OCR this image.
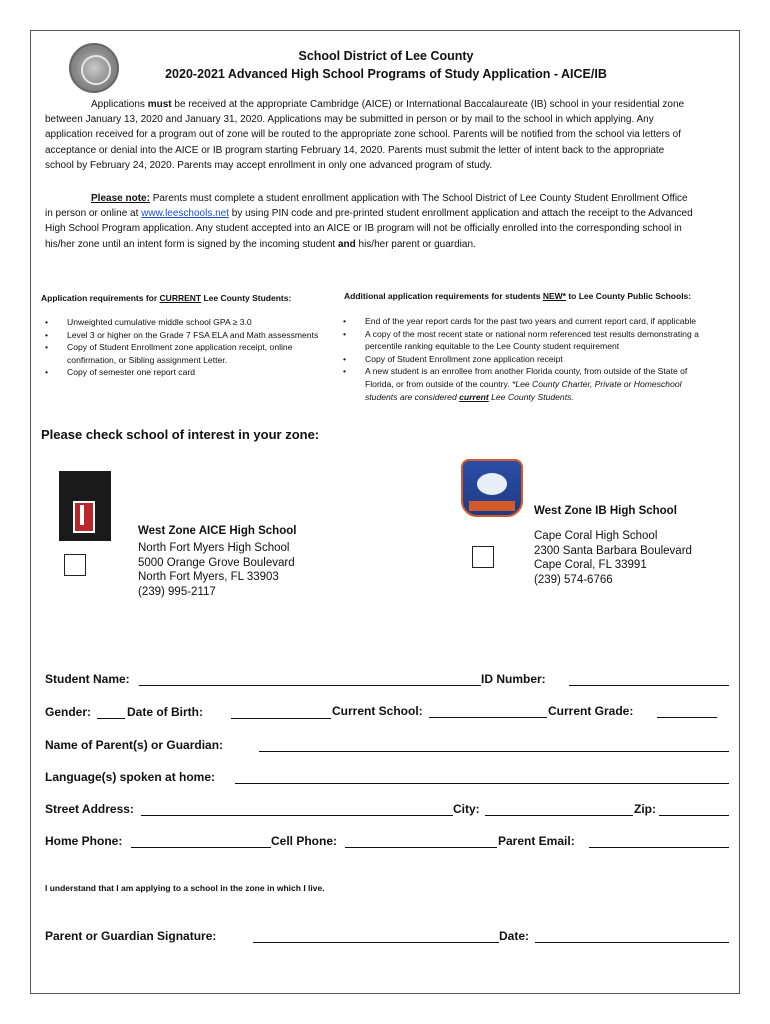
School District of Lee County
2020-2021 Advanced High School Programs of Study Application - AICE/IB
Applications must be received at the appropriate Cambridge (AICE) or International Baccalaureate (IB) school in your residential zone between January 13, 2020 and January 31, 2020. Applications may be submitted in person or by mail to the school in which applying. Any application received for a program out of zone will be routed to the appropriate zone school. Parents will be notified from the school via letters of acceptance or denial into the AICE or IB program starting February 14, 2020. Parents must submit the letter of intent back to the appropriate school by February 24, 2020. Parents may accept enrollment in only one advanced program of study.
Please note: Parents must complete a student enrollment application with The School District of Lee County Student Enrollment Office in person or online at www.leeschools.net by using PIN code and pre-printed student enrollment application and attach the receipt to the Advanced High School Program application. Any student accepted into an AICE or IB program will not be officially enrolled into the corresponding school in his/her zone until an intent form is signed by the incoming student and his/her parent or guardian.
Application requirements for CURRENT Lee County Students:
• Unweighted cumulative middle school GPA ≥ 3.0
• Level 3 or higher on the Grade 7 FSA ELA and Math assessments
• Copy of Student Enrollment zone application receipt, online confirmation, or Sibling assignment Letter.
• Copy of semester one report card
Additional application requirements for students NEW* to Lee County Public Schools:
• End of the year report cards for the past two years and current report card, if applicable
• A copy of the most recent state or national norm referenced test results demonstrating a percentile ranking equitable to the Lee County student requirement
• Copy of Student Enrollment zone application receipt
• A new student is an enrollee from another Florida county, from outside of the State of Florida, or from outside of the country. *Lee County Charter, Private or Homeschool students are considered current Lee County Students.
Please check school of interest in your zone:
West Zone AICE High School
North Fort Myers High School
5000 Orange Grove Boulevard
North Fort Myers, FL 33903
(239) 995-2117
West Zone IB High School
Cape Coral High School
2300 Santa Barbara Boulevard
Cape Coral, FL 33991
(239) 574-6766
Student Name:	ID Number:
Gender:	Date of Birth:	Current School:	Current Grade:
Name of Parent(s) or Guardian:
Language(s) spoken at home:
Street Address:	City:	Zip:
Home Phone:	Cell Phone:	Parent Email:
I understand that I am applying to a school in the zone in which I live.
Parent or Guardian Signature:	Date:
